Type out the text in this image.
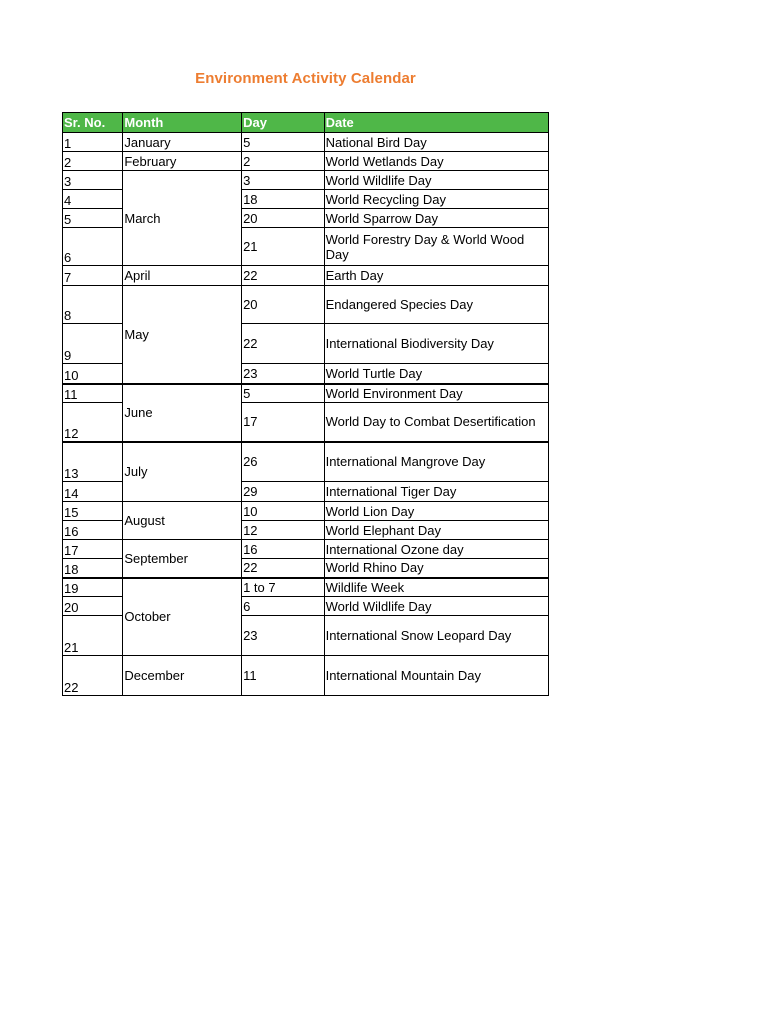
Environment Activity Calendar
Sr. No.	Month	Day	Date
1	January	5	National Bird Day
2	February	2	World Wetlands Day
3	March	3	World Wildlife Day
4		18	World Recycling Day
5		20	World Sparrow Day
6		21	World Forestry Day & World Wood Day
7	April	22	Earth Day
8	May	20	Endangered Species Day
9		22	International Biodiversity Day
10		23	World Turtle Day
11	June	5	World Environment Day
12		17	World Day to Combat Desertification
13	July	26	International Mangrove Day
14		29	International Tiger Day
15	August	10	World Lion Day
16		12	World Elephant Day
17	September	16	International Ozone day
18		22	World Rhino Day
19	October	1 to 7	Wildlife Week
20		6	World Wildlife Day
21		23	International Snow Leopard Day
22	December	11	International Mountain Day
